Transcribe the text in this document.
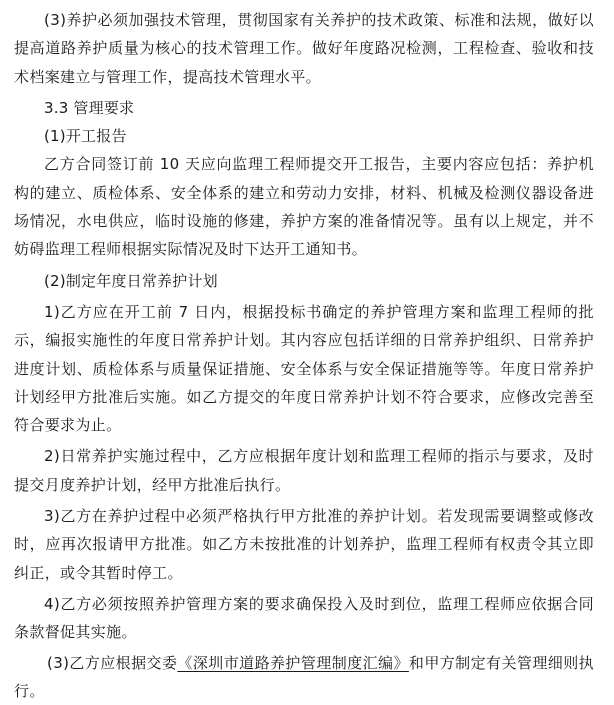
(3)养护必须加强技术管理，贯彻国家有关养护的技术政策、标准和法规，做好以提高道路养护质量为核心的技术管理工作。做好年度路况检测，工程检查、验收和技术档案建立与管理工作，提高技术管理水平。

3.3 管理要求

(1)开工报告

乙方合同签订前 10 天应向监理工程师提交开工报告，主要内容应包括：养护机构的建立、质检体系、安全体系的建立和劳动力安排，材料、机械及检测仪器设备进场情况，水电供应，临时设施的修建，养护方案的准备情况等。虽有以上规定，并不妨碍监理工程师根据实际情况及时下达开工通知书。

(2)制定年度日常养护计划

1)乙方应在开工前 7 日内，根据投标书确定的养护管理方案和监理工程师的批示，编报实施性的年度日常养护计划。其内容应包括详细的日常养护组织、日常养护进度计划、质检体系与质量保证措施、安全体系与安全保证措施等等。年度日常养护计划经甲方批准后实施。如乙方提交的年度日常养护计划不符合要求，应修改完善至符合要求为止。

2)日常养护实施过程中，乙方应根据年度计划和监理工程师的指示与要求，及时提交月度养护计划，经甲方批准后执行。

3)乙方在养护过程中必须严格执行甲方批准的养护计划。若发现需要调整或修改时，应再次报请甲方批准。如乙方未按批准的计划养护，监理工程师有权责令其立即纠正，或令其暂时停工。

4)乙方必须按照养护管理方案的要求确保投入及时到位，监理工程师应依据合同条款督促其实施。

(3)乙方应根据交委《深圳市道路养护管理制度汇编》和甲方制定有关管理细则执行。
